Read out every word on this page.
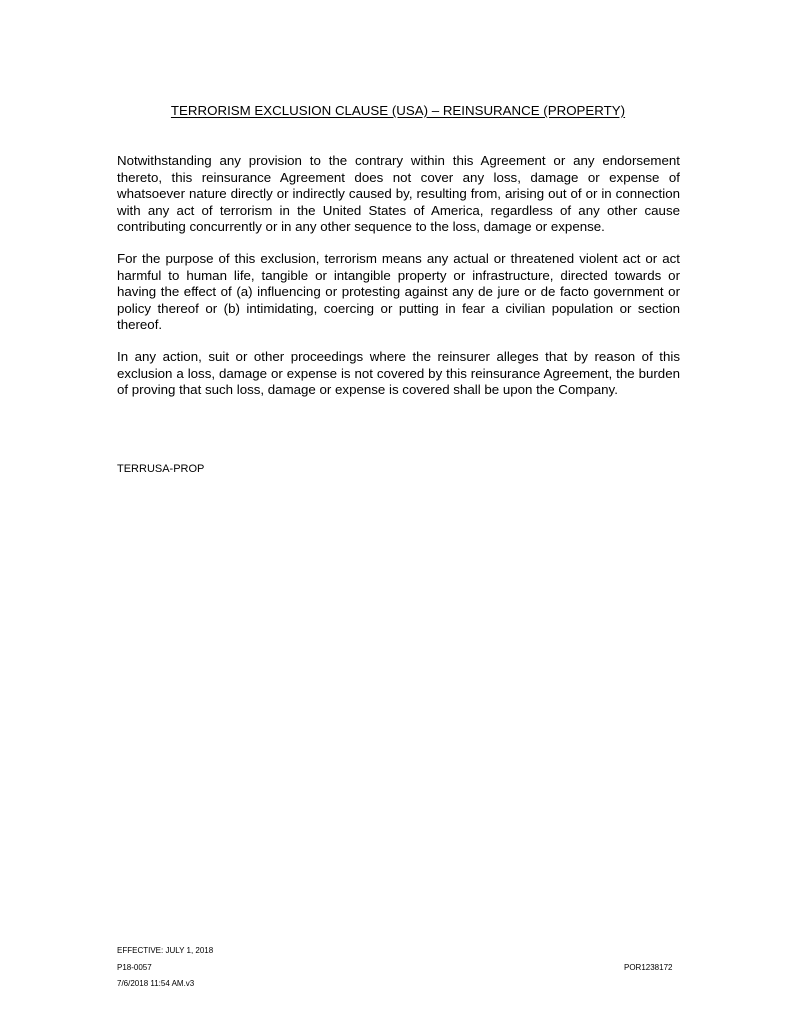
TERRORISM EXCLUSION CLAUSE (USA) – REINSURANCE (PROPERTY)

Notwithstanding any provision to the contrary within this Agreement or any endorsement thereto, this reinsurance Agreement does not cover any loss, damage or expense of whatsoever nature directly or indirectly caused by, resulting from, arising out of or in connection with any act of terrorism in the United States of America, regardless of any other cause contributing concurrently or in any other sequence to the loss, damage or expense.

For the purpose of this exclusion, terrorism means any actual or threatened violent act or act harmful to human life, tangible or intangible property or infrastructure, directed towards or having the effect of (a) influencing or protesting against any de jure or de facto government or policy thereof or (b) intimidating, coercing or putting in fear a civilian population or section thereof.

In any action, suit or other proceedings where the reinsurer alleges that by reason of this exclusion a loss, damage or expense is not covered by this reinsurance Agreement, the burden of proving that such loss, damage or expense is covered shall be upon the Company.

TERRUSA-PROP
EFFECTIVE: JULY 1, 2018
P18-0057
7/6/2018 11:54 AM.v3
POR1238172
